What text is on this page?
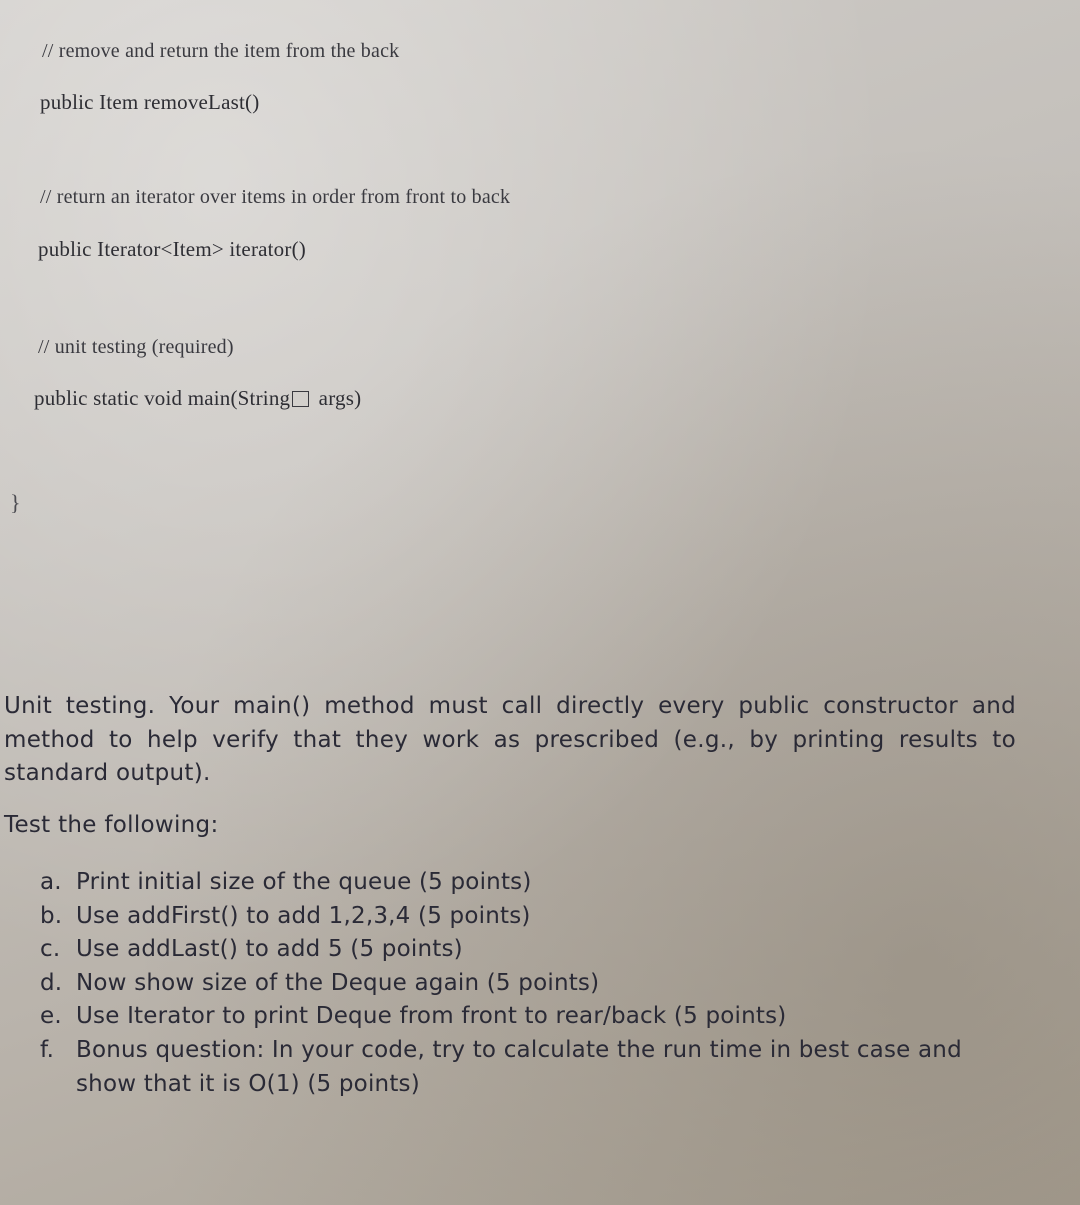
// remove and return the item from the back
public Item removeLast()
// return an iterator over items in order from front to back
public Iterator<Item> iterator()
// unit testing (required)
public static void main(String args)
}
Unit testing. Your main() method must call directly every public constructor and method to help verify that they work as prescribed (e.g., by printing results to standard output).
Test the following:
a. Print initial size of the queue (5 points)
b. Use addFirst() to add 1,2,3,4 (5 points)
c. Use addLast() to add 5 (5 points)
d. Now show size of the Deque again (5 points)
e. Use Iterator to print Deque from front to rear/back (5 points)
f. Bonus question: In your code, try to calculate the run time in best case and show that it is O(1) (5 points)
